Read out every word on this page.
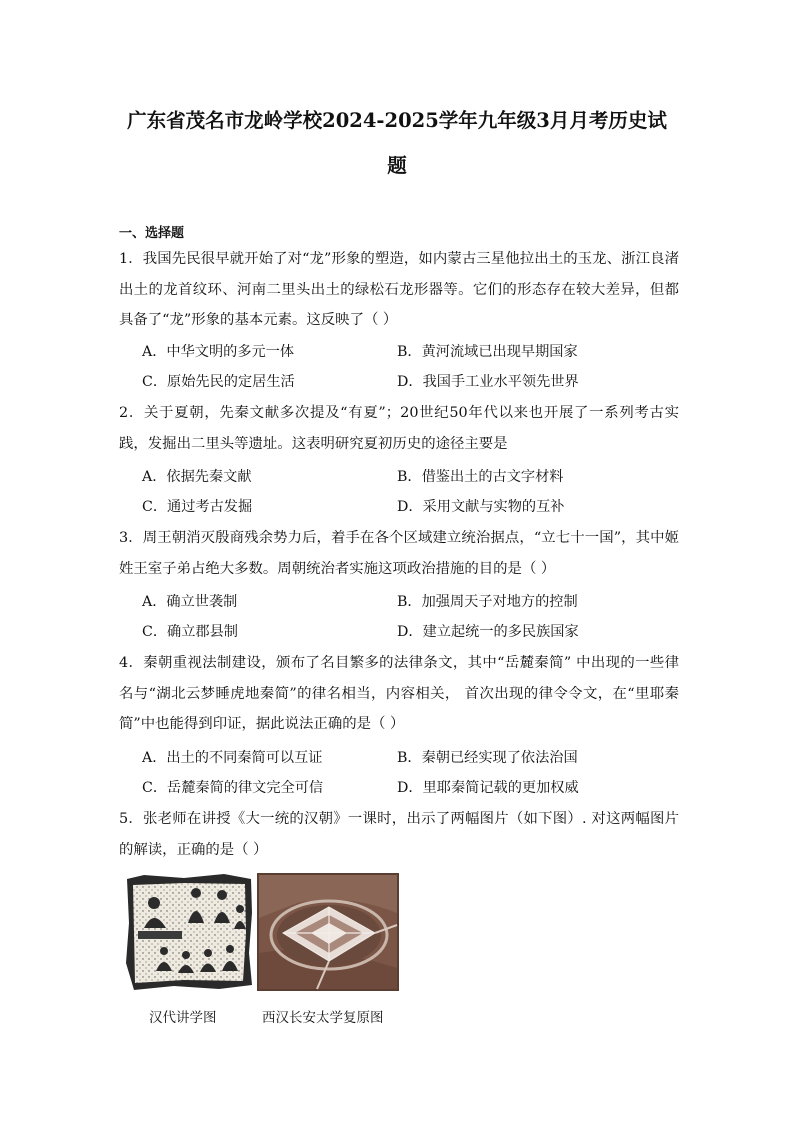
广东省茂名市龙岭学校2024-2025学年九年级3月月考历史试
题
一、选择题
1．我国先民很早就开始了对“龙”形象的塑造，如内蒙古三星他拉出土的玉龙、浙江良渚出土的龙首纹环、河南二里头出土的绿松石龙形器等。它们的形态存在较大差异，但都具备了“龙”形象的基本元素。这反映了（ ）
A．中华文明的多元一体	B．黄河流域已出现早期国家
C．原始先民的定居生活	D．我国手工业水平领先世界
2．关于夏朝，先秦文献多次提及“有夏”；20世纪50年代以来也开展了一系列考古实践，发掘出二里头等遗址。这表明研究夏初历史的途径主要是
A．依据先秦文献	B．借鉴出土的古文字材料
C．通过考古发掘	D．采用文献与实物的互补
3．周王朝消灭殷商残余势力后，着手在各个区域建立统治据点，“立七十一国”，其中姬姓王室子弟占绝大多数。周朝统治者实施这项政治措施的目的是（ ）
A．确立世袭制	B．加强周天子对地方的控制
C．确立郡县制	D．建立起统一的多民族国家
4．秦朝重视法制建设，颁布了名目繁多的法律条文，其中“岳麓秦简” 中出现的一些律名与“湖北云梦睡虎地秦简”的律名相当，内容相关， 首次出现的律令令文，在“里耶秦简”中也能得到印证，据此说法正确的是（ ）
A．出土的不同秦简可以互证	B．秦朝已经实现了依法治国
C．岳麓秦简的律文完全可信	D．里耶秦简记载的更加权威
5．张老师在讲授《大一统的汉朝》一课时，出示了两幅图片（如下图）. 对这两幅图片的解读，正确的是（ ）
汉代讲学图	西汉长安太学复原图
